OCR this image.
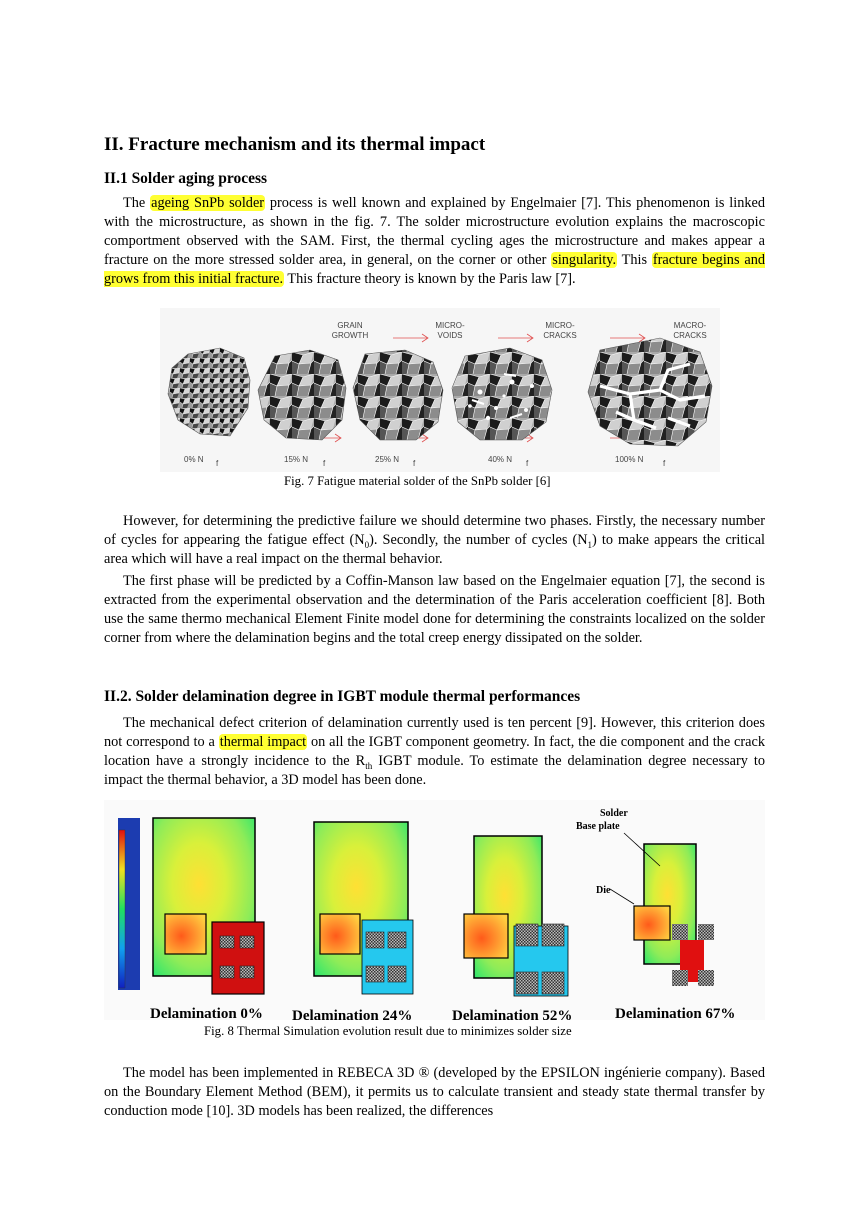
II. Fracture mechanism and its thermal impact
II.1 Solder aging process

The ageing SnPb solder process is well known and explained by Engelmaier [7]. This phenomenon is linked with the microstructure, as shown in the fig. 7. The solder microstructure evolution explains the macroscopic comportment observed with the SAM. First, the thermal cycling ages the microstructure and makes appear a fracture on the more stressed solder area, in general, on the corner or other singularity. This fracture begins and grows from this initial fracture. This fracture theory is known by the Paris law [7].

GRAIN
GROWTH
MICRO-
VOIDS
MICRO-
CRACKS
MACRO-
CRACKS
0% N f	15% N f	25% N f	40% N f	100% N f
Fig. 7 Fatigue material solder of the SnPb solder [6]

However, for determining the predictive failure we should determine two phases. Firstly, the necessary number of cycles for appearing the fatigue effect $(N_0)$. Secondly, the number of cycles $(N_1)$ to make appears the critical area which will have a real impact on the thermal behavior.

The first phase will be predicted by a Coffin-Manson law based on the Engelmaier equation [7], the second is extracted from the experimental observation and the determination of the Paris acceleration coefficient [8]. Both use the same thermo mechanical Element Finite model done for determining the constraints localized on the solder corner from where the delamination begins and the total creep energy dissipated on the solder.

II.2. Solder delamination degree in IGBT module thermal performances

The mechanical defect criterion of delamination currently used is ten percent [9]. However, this criterion does not correspond to a thermal impact on all the IGBT component geometry. In fact, the die component and the crack location have a strongly incidence to the $R_{th}$ IGBT module. To estimate the delamination degree necessary to impact the thermal behavior, a 3D model has been done.

Solder
Base plate
Die
Delamination 0% Delamination 24%	Delamination 52%	Delamination 67%
Fig. 8 Thermal Simulation evolution result due to minimizes solder size

The model has been implemented in REBECA 3D ® (developed by the EPSILON ingénierie company). Based on the Boundary Element Method (BEM), it permits us to calculate transient and steady state thermal transfer by conduction mode [10]. 3D models has been realized, the differences
